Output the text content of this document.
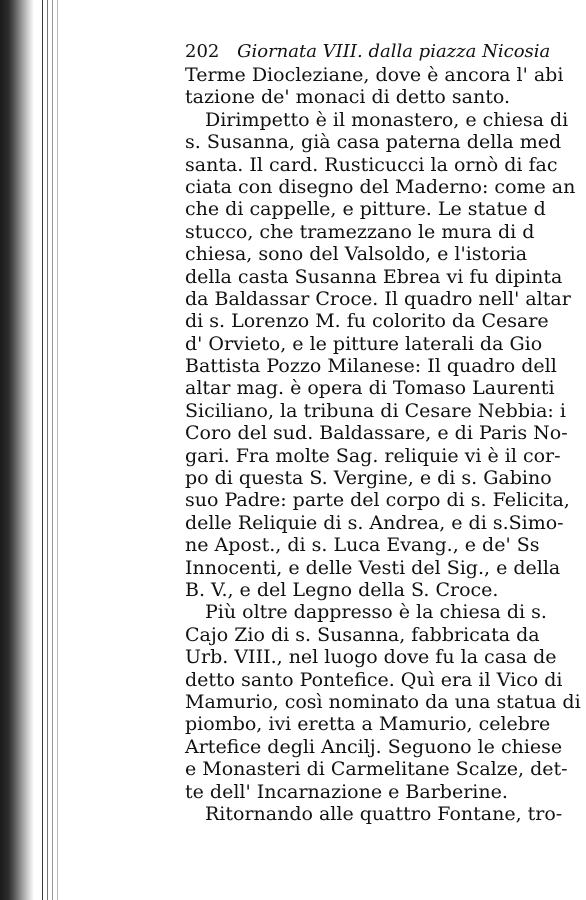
202 Giornata VIII. dalla piazza Nicosia
Terme Diocleziane, dove è ancora l' abi
tazione de' monaci di detto santo.
Dirimpetto è il monastero, e chiesa di
s. Susanna, già casa paterna della med
santa. Il card. Rusticucci la ornò di fac
ciata con disegno del Maderno: come an
che di cappelle, e pitture. Le statue d
stucco, che tramezzano le mura di d
chiesa, sono del Valsoldo, e l'istoria
della casta Susanna Ebrea vi fu dipinta
da Baldassar Croce. Il quadro nell' altar
di s. Lorenzo M. fu colorito da Cesare
d' Orvieto, e le pitture laterali da Gio
Battista Pozzo Milanese: Il quadro dell
altar mag. è opera di Tomaso Laurenti
Siciliano, la tribuna di Cesare Nebbia: i
Coro del sud. Baldassare, e di Paris No-
gari. Fra molte Sag. reliquie vi è il cor-
po di questa S. Vergine, e di s. Gabino
suo Padre: parte del corpo di s. Felicita,
delle Reliquie di s. Andrea, e di s.Simo-
ne Apost., di s. Luca Evang., e de' Ss
Innocenti, e delle Vesti del Sig., e della
B. V., e del Legno della S. Croce.
Più oltre dappresso è la chiesa di s.
Cajo Zio di s. Susanna, fabbricata da
Urb. VIII., nel luogo dove fu la casa de
detto santo Pontefice. Quì era il Vico di
Mamurio, così nominato da una statua di
piombo, ivi eretta a Mamurio, celebre
Artefice degli Ancilj. Seguono le chiese
e Monasteri di Carmelitane Scalze, det-
te dell' Incarnazione e Barberine.
Ritornando alle quattro Fontane, tro-
